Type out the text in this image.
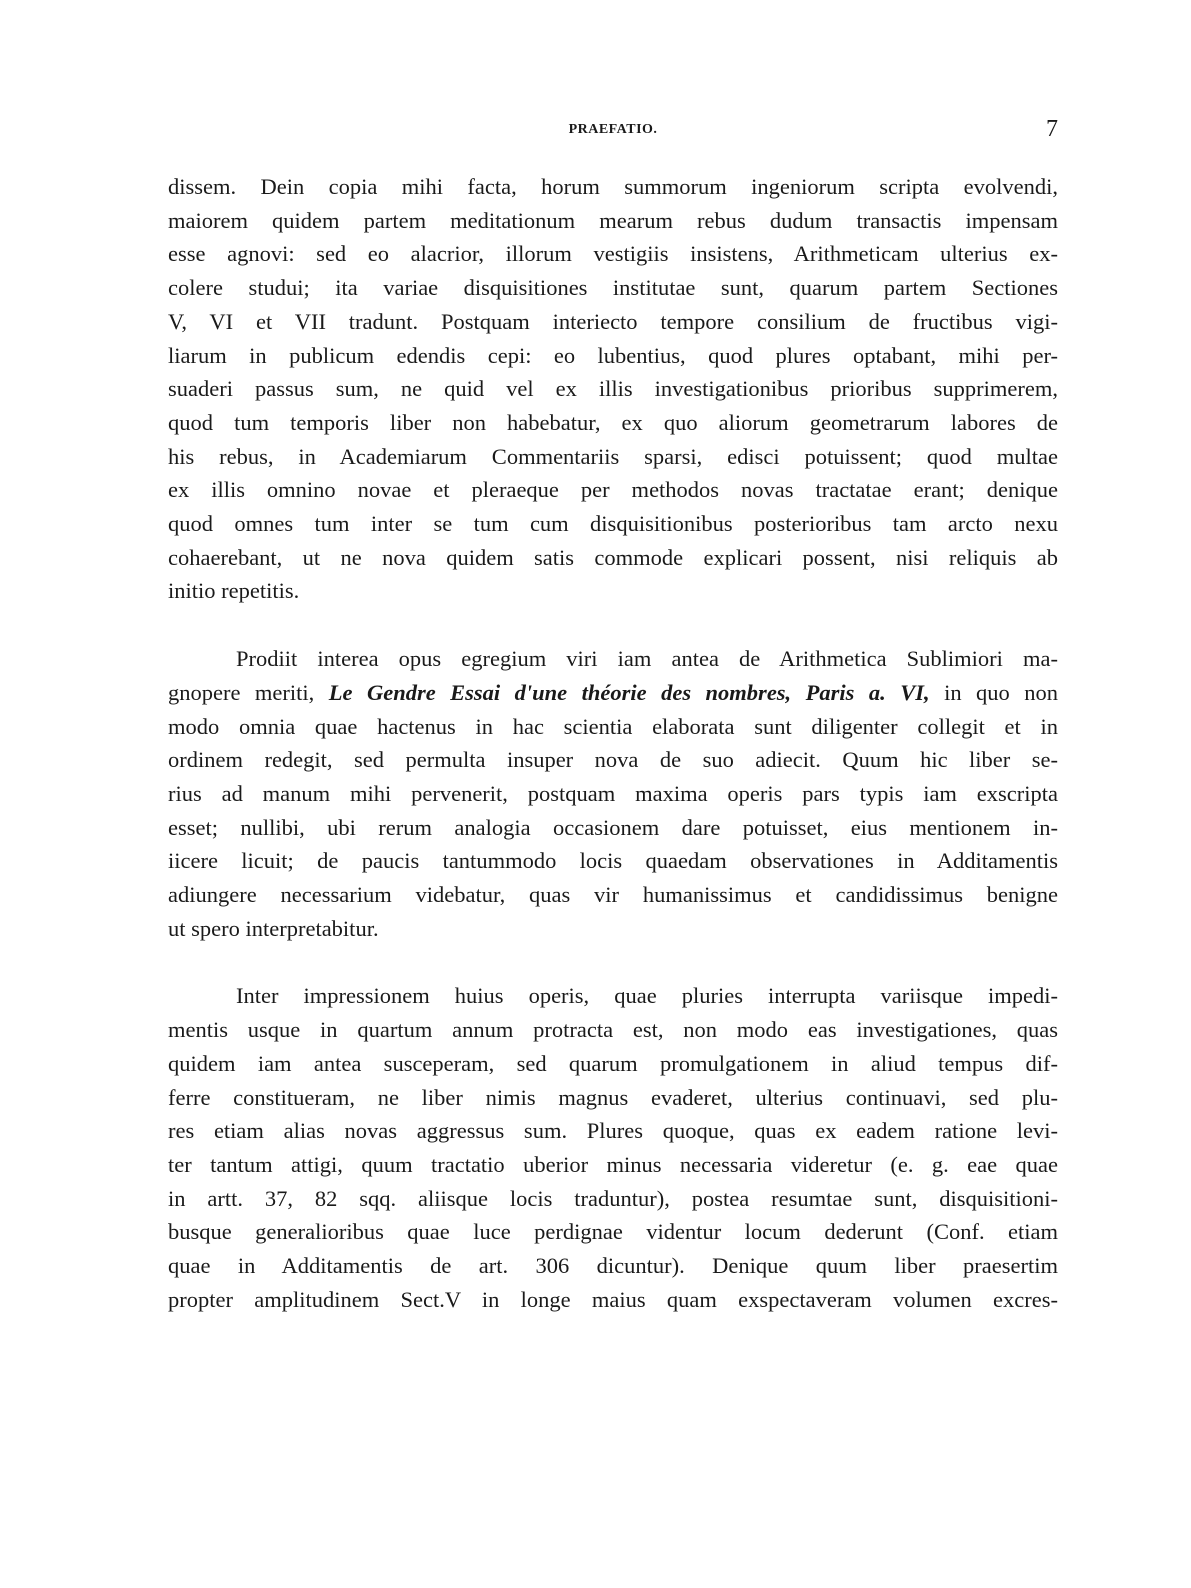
PRAEFATIO.	7

dissem. Dein copia mihi facta, horum summorum ingeniorum scripta evolvendi,
maiorem quidem partem meditationum mearum rebus dudum transactis impensam
esse agnovi: sed eo alacrior, illorum vestigiis insistens, Arithmeticam ulterius ex-
colere studui; ita variae disquisitiones institutae sunt, quarum partem Sectiones
V, VI et VII tradunt. Postquam interiecto tempore consilium de fructibus vigi-
liarum in publicum edendis cepi: eo lubentius, quod plures optabant, mihi per-
suaderi passus sum, ne quid vel ex illis investigationibus prioribus supprimerem,
quod tum temporis liber non habebatur, ex quo aliorum geometrarum labores de
his rebus, in Academiarum Commentariis sparsi, edisci potuissent; quod multae
ex illis omnino novae et pleraeque per methodos novas tractatae erant; denique
quod omnes tum inter se tum cum disquisitionibus posterioribus tam arcto nexu
cohaerebant, ut ne nova quidem satis commode explicari possent, nisi reliquis ab
initio repetitis.

Prodiit interea opus egregium viri iam antea de Arithmetica Sublimiori ma-
gnopere meriti, Le Gendre Essai d'une théorie des nombres, Paris a. VI, in quo non
modo omnia quae hactenus in hac scientia elaborata sunt diligenter collegit et in
ordinem redegit, sed permulta insuper nova de suo adiecit. Quum hic liber se-
rius ad manum mihi pervenerit, postquam maxima operis pars typis iam exscripta
esset; nullibi, ubi rerum analogia occasionem dare potuisset, eius mentionem in-
iicere licuit; de paucis tantummodo locis quaedam observationes in Additamentis
adiungere necessarium videbatur, quas vir humanissimus et candidissimus benigne
ut spero interpretabitur.

Inter impressionem huius operis, quae pluries interrupta variisque impedi-
mentis usque in quartum annum protracta est, non modo eas investigationes, quas
quidem iam antea susceperam, sed quarum promulgationem in aliud tempus dif-
ferre constitueram, ne liber nimis magnus evaderet, ulterius continuavi, sed plu-
res etiam alias novas aggressus sum. Plures quoque, quas ex eadem ratione levi-
ter tantum attigi, quum tractatio uberior minus necessaria videretur (e. g. eae quae
in artt. 37, 82 sqq. aliisque locis traduntur), postea resumtae sunt, disquisitioni-
busque generalioribus quae luce perdignae videntur locum dederunt (Conf. etiam
quae in Additamentis de art. 306 dicuntur). Denique quum liber praesertim
propter amplitudinem Sect.V in longe maius quam exspectaveram volumen excres-
